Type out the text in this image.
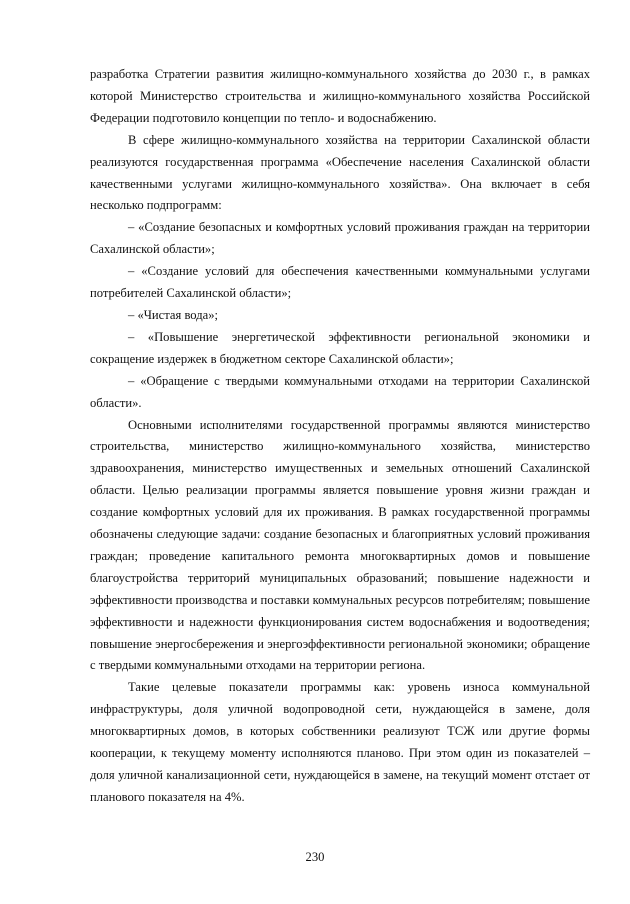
разработка Стратегии развития жилищно-коммунального хозяйства до 2030 г., в рамках которой Министерство строительства и жилищно-коммунального хозяйства Российской Федерации подготовило концепции по тепло- и водоснабжению.

В сфере жилищно-коммунального хозяйства на территории Сахалинской области реализуются государственная программа «Обеспечение населения Сахалинской области качественными услугами жилищно-коммунального хозяйства». Она включает в себя несколько подпрограмм:

– «Создание безопасных и комфортных условий проживания граждан на территории Сахалинской области»;

– «Создание условий для обеспечения качественными коммунальными услугами потребителей Сахалинской области»;

– «Чистая вода»;

– «Повышение энергетической эффективности региональной экономики и сокращение издержек в бюджетном секторе Сахалинской области»;

– «Обращение с твердыми коммунальными отходами на территории Сахалинской области».

Основными исполнителями государственной программы являются министерство строительства, министерство жилищно-коммунального хозяйства, министерство здравоохранения, министерство имущественных и земельных отношений Сахалинской области. Целью реализации программы является повышение уровня жизни граждан и создание комфортных условий для их проживания. В рамках государственной программы обозначены следующие задачи: создание безопасных и благоприятных условий проживания граждан; проведение капитального ремонта многоквартирных домов и повышение благоустройства территорий муниципальных образований; повышение надежности и эффективности производства и поставки коммунальных ресурсов потребителям; повышение эффективности и надежности функционирования систем водоснабжения и водоотведения; повышение энергосбережения и энергоэффективности региональной экономики; обращение с твердыми коммунальными отходами на территории региона.

Такие целевые показатели программы как: уровень износа коммунальной инфраструктуры, доля уличной водопроводной сети, нуждающейся в замене, доля многоквартирных домов, в которых собственники реализуют ТСЖ или другие формы кооперации, к текущему моменту исполняются планово. При этом один из показателей – доля уличной канализационной сети, нуждающейся в замене, на текущий момент отстает от планового показателя на 4%.

230
